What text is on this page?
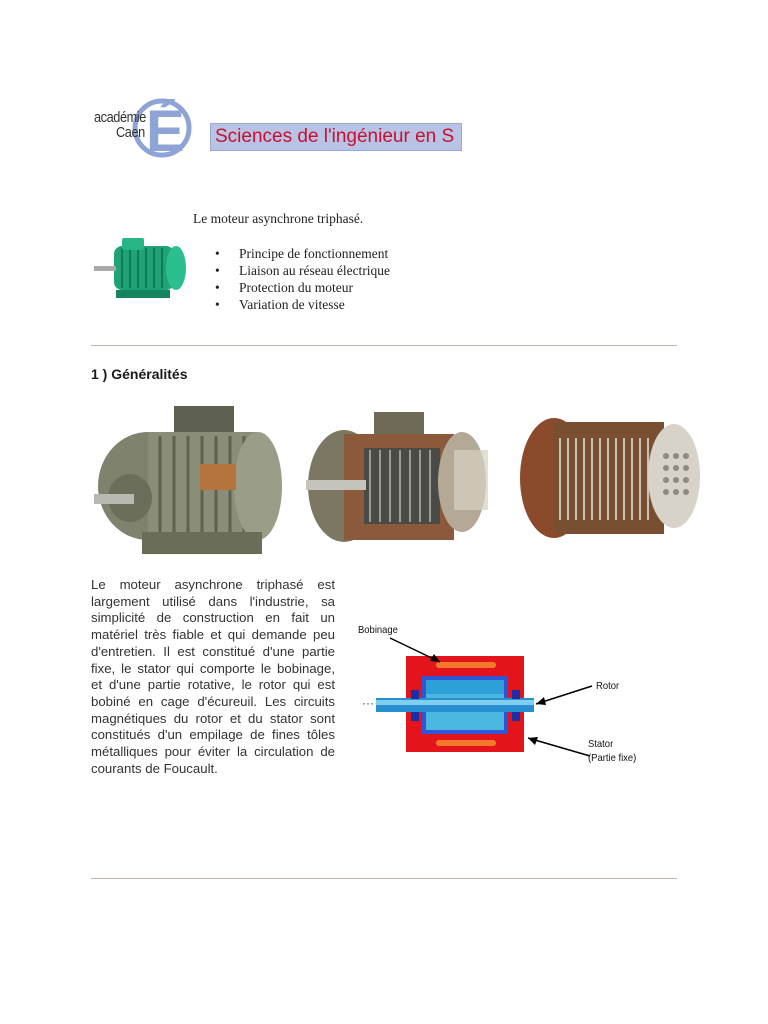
É
académie
Caen	Sciences de l'ingénieur en S
Le moteur asynchrone triphasé.
• Principe de fonctionnement
• Liaison au réseau électrique
• Protection du moteur
• Variation de vitesse
1 ) Généralités
Le moteur asynchrone triphasé est largement utilisé dans l'industrie, sa simplicité de construction en fait un matériel très fiable et qui demande peu d'entretien. Il est constitué d'une partie fixe, le stator qui comporte le bobinage, et d'une partie rotative, le rotor qui est bobiné en cage d'écureuil. Les circuits magnétiques du rotor et du stator sont constitués d'un empilage de fines tôles métalliques pour éviter la circulation de courants de Foucault.
···
Bobinage
Rotor
Stator
(Partie fixe)
